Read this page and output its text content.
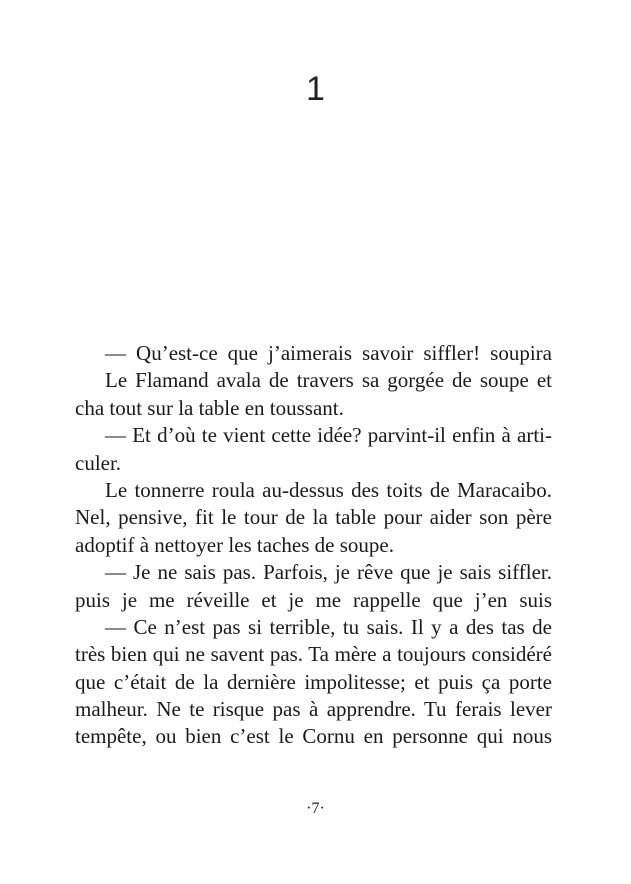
1
— Qu’est-ce que j’aimerais savoir siffler! soupira
Le Flamand avala de travers sa gorgée de soupe et
cha tout sur la table en toussant.
— Et d’où te vient cette idée? parvint-il enfin à arti-
culer.
Le tonnerre roula au-dessus des toits de Maracaibo.
Nel, pensive, fit le tour de la table pour aider son père
adoptif à nettoyer les taches de soupe.
— Je ne sais pas. Parfois, je rêve que je sais siffler.
puis je me réveille et je me rappelle que j’en suis
— Ce n’est pas si terrible, tu sais. Il y a des tas de
très bien qui ne savent pas. Ta mère a toujours considéré
que c’était de la dernière impolitesse; et puis ça porte
malheur. Ne te risque pas à apprendre. Tu ferais lever
tempête, ou bien c’est le Cornu en personne qui nous
·7·
